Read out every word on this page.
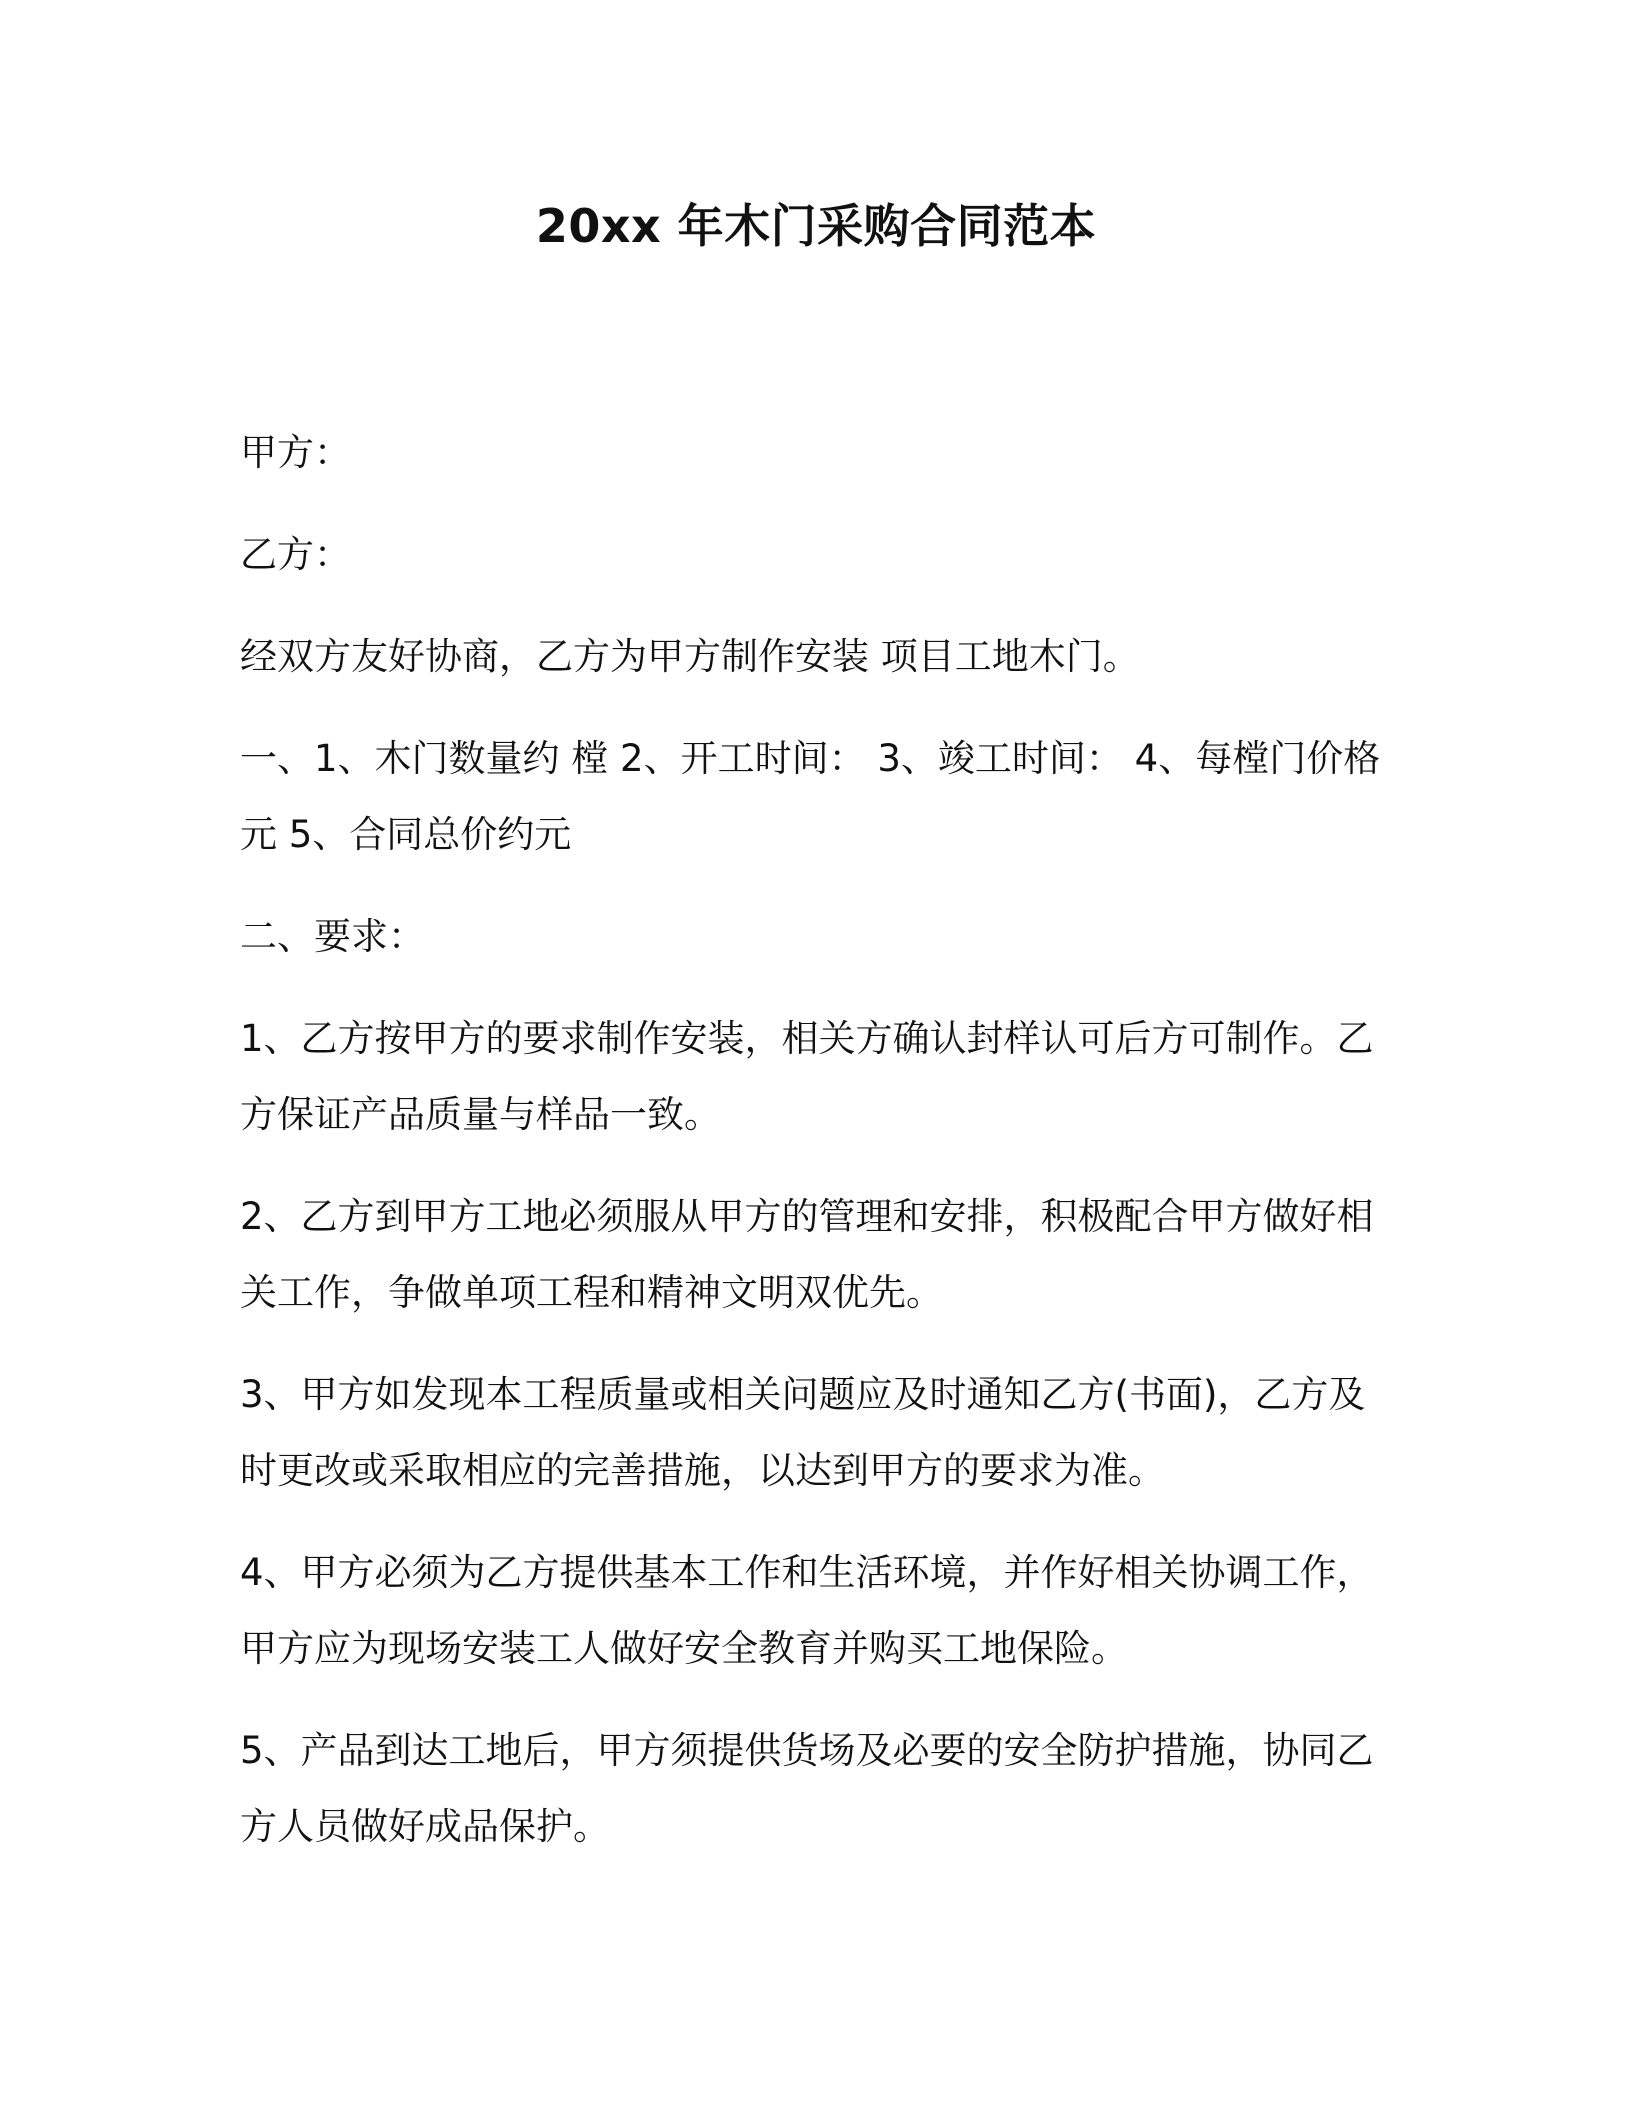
20xx 年木门采购合同范本

甲方：

乙方：

经双方友好协商，乙方为甲方制作安装 项目工地木门。

一、1、木门数量约 樘 2、开工时间： 3、竣工时间： 4、每樘门价格
元 5、合同总价约元

二、要求：

1、乙方按甲方的要求制作安装，相关方确认封样认可后方可制作。乙
方保证产品质量与样品一致。
2、乙方到甲方工地必须服从甲方的管理和安排，积极配合甲方做好相
关工作，争做单项工程和精神文明双优先。
3、甲方如发现本工程质量或相关问题应及时通知乙方(书面)，乙方及
时更改或采取相应的完善措施，以达到甲方的要求为准。
4、甲方必须为乙方提供基本工作和生活环境，并作好相关协调工作，
甲方应为现场安装工人做好安全教育并购买工地保险。
5、产品到达工地后，甲方须提供货场及必要的安全防护措施，协同乙
方人员做好成品保护。
